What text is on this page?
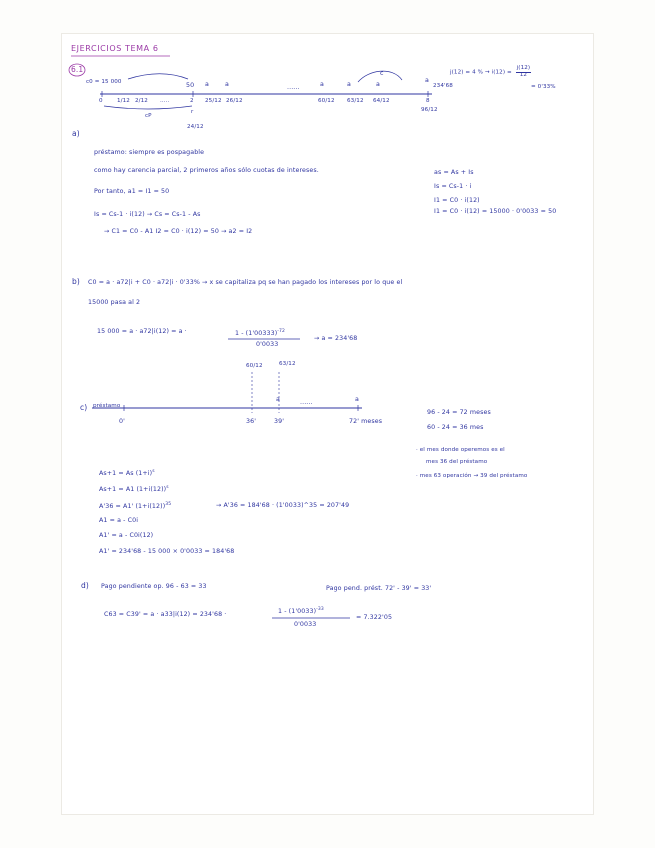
EJERCICIOS TEMA 6
6.1
c0 = 15 000	50 a	a	......	a	a	a
c
a
234'68
0	1/12 2/12 .....	2 25/12 26/12	60/12 63/12 64/12	8
cP
r
24/12
96/12
j(12) = 4 % → $i(12) = \frac{j(12)}{12}$
= 0'33%
a)
préstamo: siempre es pospagable
como hay carencia parcial, 2 primeros años sólo cuotas de intereses.
Por tanto, a1 = I1 = 50
Is = Cs-1 · i(12) → Cs = Cs-1 - As
→ C1 = C0 - A1 I2 = C0 · i(12) = 50 → a2 = I2
as = As + Is
Is = Cs-1 · i
I1 = C0 · i(12)
I1 = C0 · i(12) = 15000 · 0'0033 = 50
b) C0 = a · a72|i + C0 · a72|i · 0'33% → x se capitaliza pq se han pagado los intereses por lo que el
15000 pasa al 2
15 000 = a · a72|i(12) = a ·	$1 - (1'00333)^{-72}$
0'0033
→ a = 234'68
60/12	63/12
c) préstamo
a	......	a
0'	36'	39'	72' meses
96 - 24 = 72 meses
60 - 24 = 36 mes
· el mes donde operemos es el
mes 36 del préstamo
· mes 63 operación → 39 del préstamo
As+1 = As $(1+i)^s$
As+1 = A1 $(1+i(12))^s$
A'36 = A1' $(1+i(12))^{35}$	→ A'36 = 184'68 · (1'0033)^35 = 207'49
A1 = a - C0i
A1' = a - C0i(12)
A1' = 234'68 - 15 000 × 0'0033 = 184'68
d) Pago pendiente op. 96 - 63 = 33	Pago pend. prést. 72' - 39' = 33'
C63 = C39' = a · a33|i(12) = 234'68 ·	$1 - (1'0033)^{-33}$
0'0033
= 7.322'05
